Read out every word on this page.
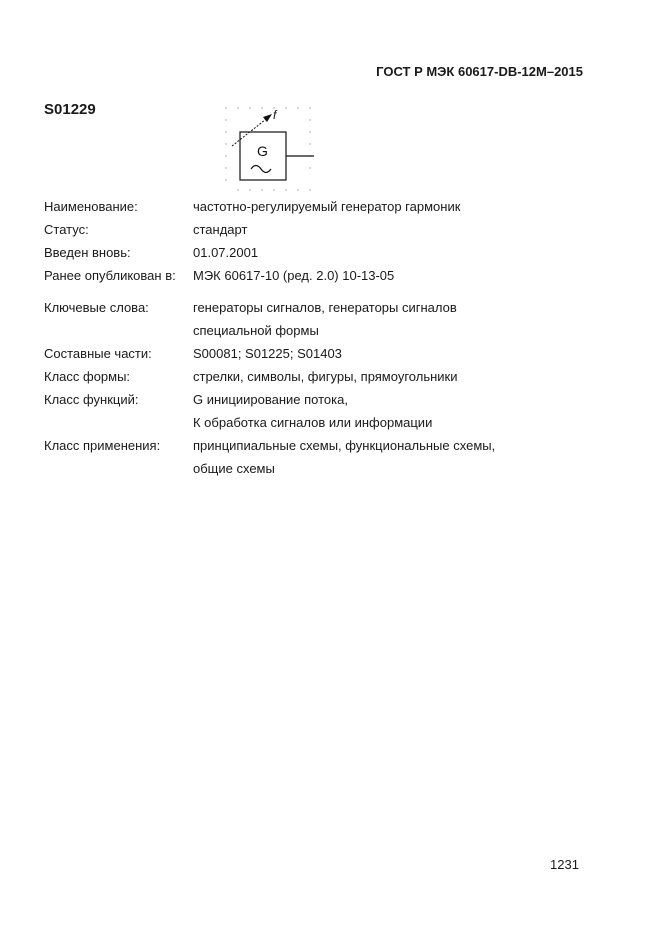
ГОСТ Р МЭК 60617-DB-12M–2015
S01229	f
G
Наименование:	частотно-регулируемый генератор гармоник
Статус:	стандарт
Введен вновь:	01.07.2001
Ранее опубликован в:	МЭК 60617-10 (ред. 2.0) 10-13-05
Ключевые слова:	генераторы сигналов, генераторы сигналов
специальной формы
Составные части:	S00081; S01225; S01403
Класс формы:	стрелки, символы, фигуры, прямоугольники
Класс функций:	G инициирование потока,
К обработка сигналов или информации
Класс применения:	принципиальные схемы, функциональные схемы,
общие схемы
1231
